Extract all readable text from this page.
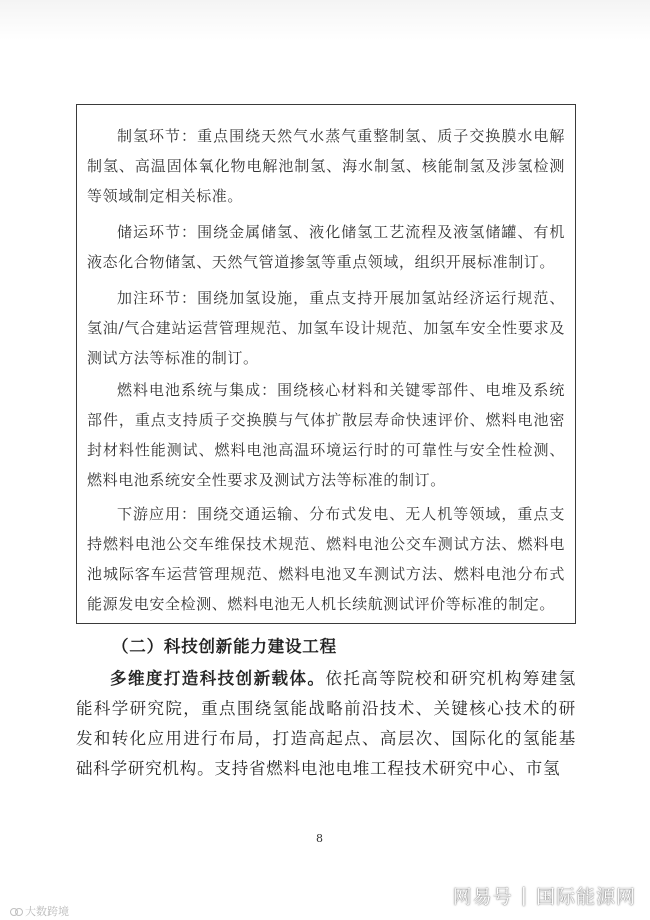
制氢环节：重点围绕天然气水蒸气重整制氢、质子交换膜水电解制氢、高温固体氧化物电解池制氢、海水制氢、核能制氢及涉氢检测等领域制定相关标准。

储运环节：围绕金属储氢、液化储氢工艺流程及液氢储罐、有机液态化合物储氢、天然气管道掺氢等重点领域，组织开展标准制订。

加注环节：围绕加氢设施，重点支持开展加氢站经济运行规范、氢油/气合建站运营管理规范、加氢车设计规范、加氢车安全性要求及测试方法等标准的制订。

燃料电池系统与集成：围绕核心材料和关键零部件、电堆及系统部件，重点支持质子交换膜与气体扩散层寿命快速评价、燃料电池密封材料性能测试、燃料电池高温环境运行时的可靠性与安全性检测、燃料电池系统安全性要求及测试方法等标准的制订。

下游应用：围绕交通运输、分布式发电、无人机等领域，重点支持燃料电池公交车维保技术规范、燃料电池公交车测试方法、燃料电池城际客车运营管理规范、燃料电池叉车测试方法、燃料电池分布式能源发电安全检测、燃料电池无人机长续航测试评价等标准的制定。

（二）科技创新能力建设工程

多维度打造科技创新载体。依托高等院校和研究机构筹建氢能科学研究院，重点围绕氢能战略前沿技术、关键核心技术的研发和转化应用进行布局，打造高起点、高层次、国际化的氢能基础科学研究机构。支持省燃料电池电堆工程技术研究中心、市氢

8
大数跨境
网易号 | 国际能源网
